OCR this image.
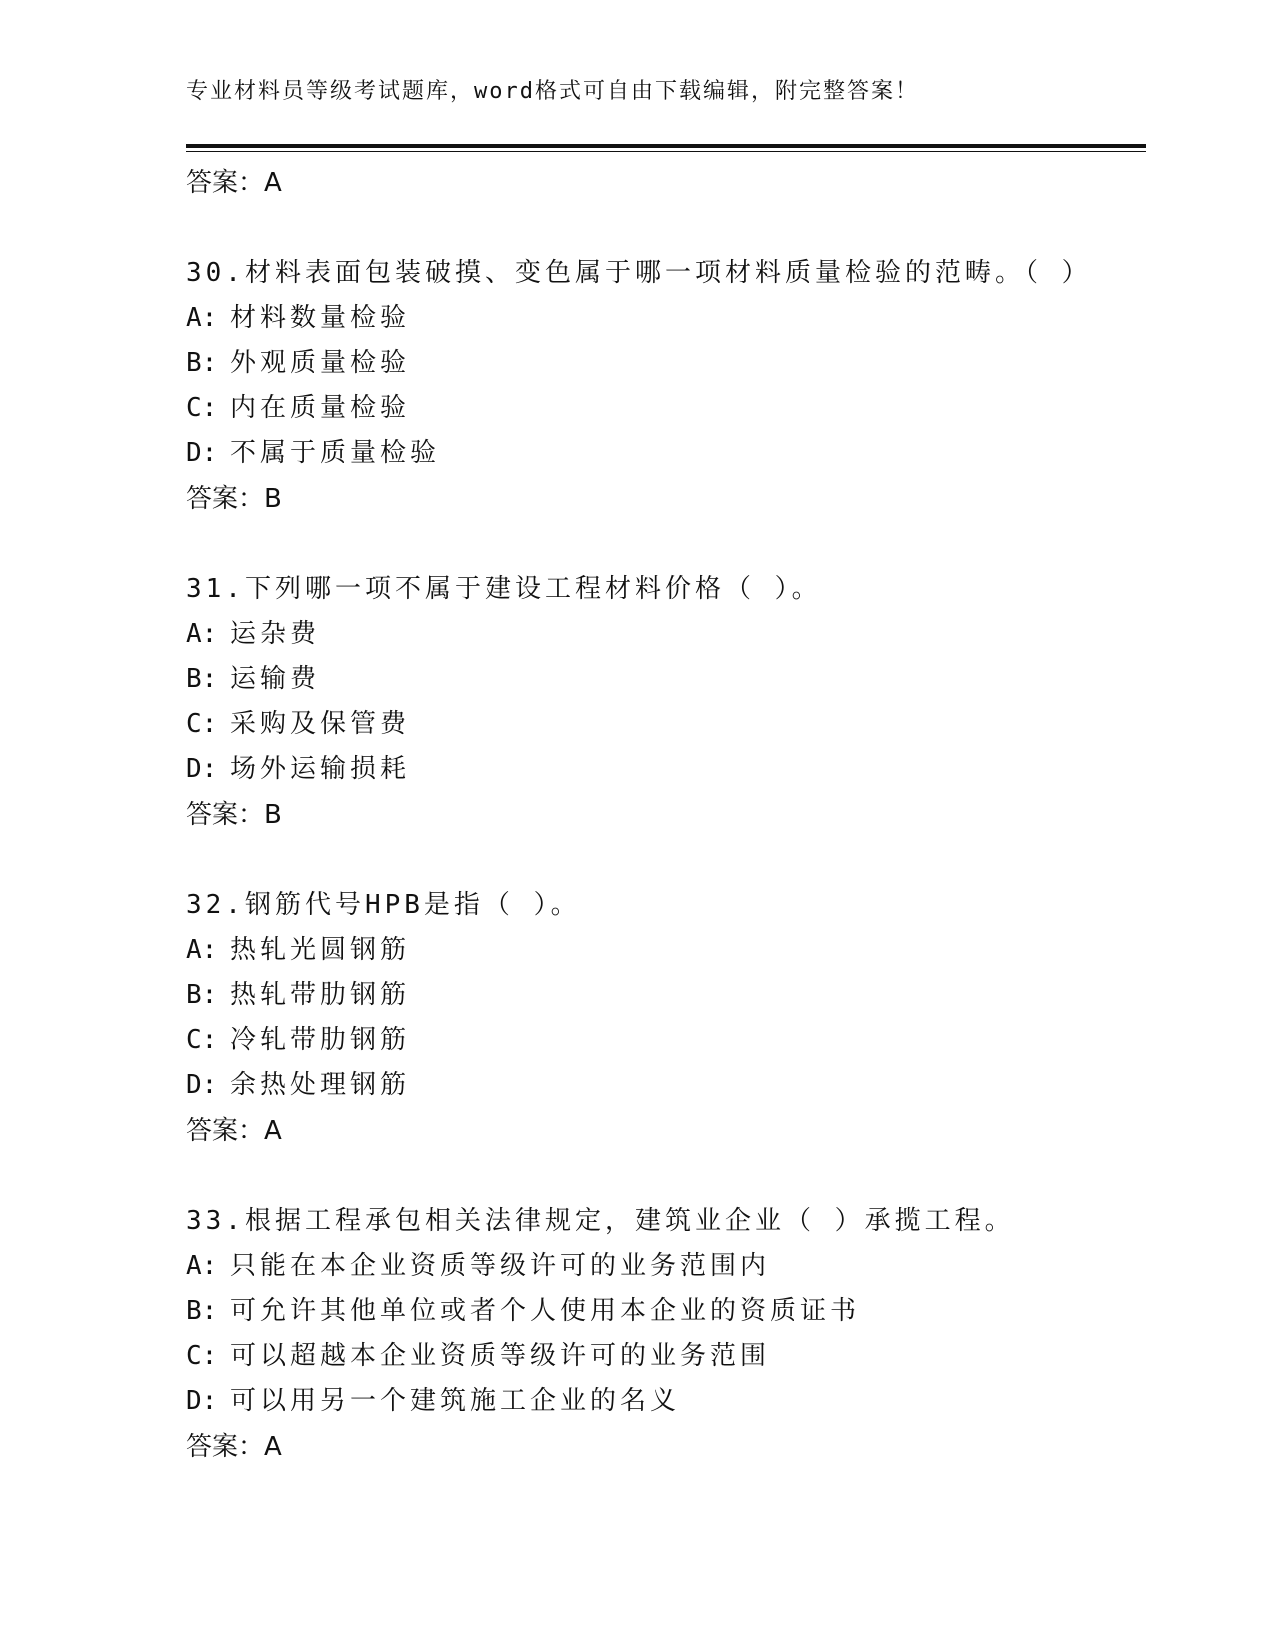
专业材料员等级考试题库，word格式可自由下载编辑，附完整答案！
答案：A
30.材料表面包装破摸、变色属于哪一项材料质量检验的范畴。（ ）
A: 材料数量检验
B: 外观质量检验
C: 内在质量检验
D: 不属于质量检验
答案：B
31.下列哪一项不属于建设工程材料价格（ ）。
A: 运杂费
B: 运输费
C: 采购及保管费
D: 场外运输损耗
答案：B
32.钢筋代号HPB是指（ ）。
A: 热轧光圆钢筋
B: 热轧带肋钢筋
C: 冷轧带肋钢筋
D: 余热处理钢筋
答案：A
33.根据工程承包相关法律规定，建筑业企业（ ）承揽工程。
A: 只能在本企业资质等级许可的业务范围内
B: 可允许其他单位或者个人使用本企业的资质证书
C: 可以超越本企业资质等级许可的业务范围
D: 可以用另一个建筑施工企业的名义
答案：A
